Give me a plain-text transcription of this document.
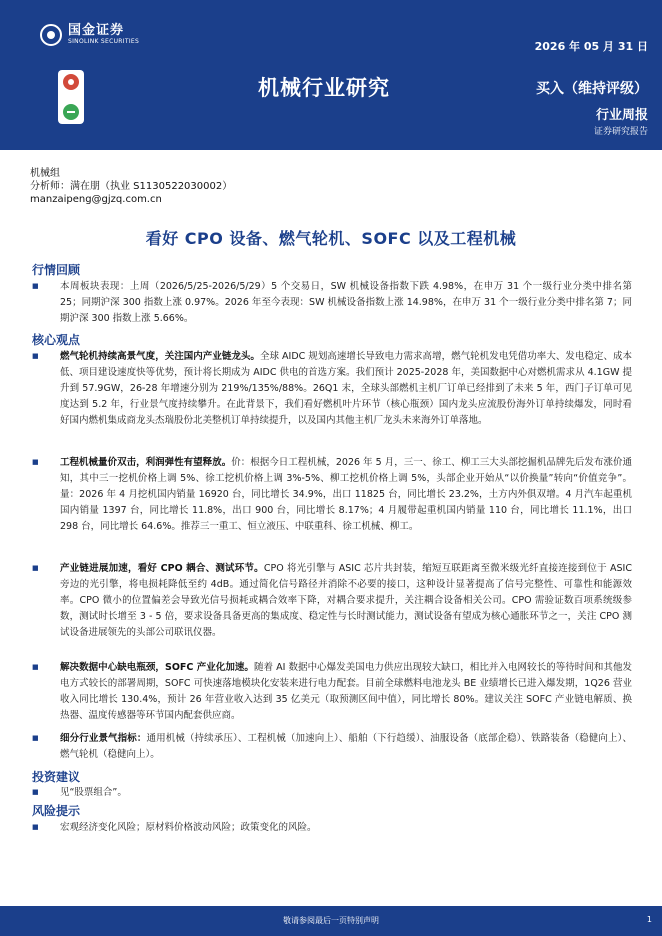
国金证券
SINOLINK SECURITIES	2026 年 05 月 31 日
机械行业研究	买入（维持评级）
行业周报
证券研究报告
机械组
分析师：满在朋（执业 S1130522030002）
manzaipeng@gjzq.com.cn
看好 CPO 设备、燃气轮机、SOFC 以及工程机械
行情回顾
■	本周板块表现：上周（2026/5/25-2026/5/29）5 个交易日，SW 机械设备指数下跌 4.98%，在申万 31 个一级行业分类中排名第 25；同期沪深 300 指数上涨 0.97%。2026 年至今表现：SW 机械设备指数上涨 14.98%，在申万 31 个一级行业分类中排名第 7；同期沪深 300 指数上涨 5.66%。
核心观点
■	燃气轮机持续高景气度，关注国内产业链龙头。全球 AIDC 规划高速增长导致电力需求高增，燃气轮机发电凭借功率大、发电稳定、成本低、项目建设速度快等优势，预计将长期成为 AIDC 供电的首选方案。我们预计 2025-2028 年，美国数据中心对燃机需求从 4.1GW 提升到 57.9GW，26-28 年增速分别为 219%/135%/88%。26Q1 末，全球头部燃机主机厂订单已经排到了未来 5 年，西门子订单可见度达到 5.2 年，行业景气度持续攀升。在此背景下，我们看好燃机叶片环节（核心瓶颈）国内龙头应流股份海外订单持续爆发，同时看好国内燃机集成商龙头杰瑞股份北美整机订单持续提升，以及国内其他主机厂龙头未来海外订单落地。
■	工程机械量价双击，利润弹性有望释放。价：根据今日工程机械，2026 年 5 月，三一、徐工、柳工三大头部挖掘机品牌先后发布涨价通知，其中三一挖机价格上调 5%、徐工挖机价格上调 3%-5%、柳工挖机价格上调 5%，头部企业开始从“以价换量”转向“价值竞争”。量：2026 年 4 月挖机国内销量 16920 台，同比增长 34.9%，出口 11825 台，同比增长 23.2%，土方内外俱双增。4 月汽车起重机国内销量 1397 台，同比增长 11.8%，出口 900 台，同比增长 8.17%；4 月履带起重机国内销量 110 台，同比增长 11.1%，出口 298 台，同比增长 64.6%。推荐三一重工、恒立液压、中联重科、徐工机械、柳工。
■	产业链进展加速，看好 CPO 耦合、测试环节。CPO 将光引擎与 ASIC 芯片共封装，缩短互联距离至微米级光纤直接连接到位于 ASIC 旁边的光引擎，将电损耗降低至约 4dB。通过简化信号路径并消除不必要的接口，这种设计显著提高了信号完整性、可靠性和能源效率。CPO 微小的位置偏差会导致光信号损耗或耦合效率下降，对耦合要求提升，关注耦合设备相关公司。CPO 需验证数百项系统级参数，测试时长增至 3 - 5 倍，要求设备具备更高的集成度、稳定性与长时测试能力，测试设备有望成为核心通胀环节之一，关注 CPO 测试设备进展领先的头部公司联讯仪器。
■	解决数据中心缺电瓶颈，SOFC 产业化加速。随着 AI 数据中心爆发美国电力供应出现较大缺口，相比并入电网较长的等待时间和其他发电方式较长的部署周期，SOFC 可快速落地模块化安装来进行电力配套。目前全球燃料电池龙头 BE 业绩增长已进入爆发期，1Q26 营业收入同比增长 130.4%，预计 26 年营业收入达到 35 亿美元（取预测区间中值），同比增长 80%。建议关注 SOFC 产业链电解质、换热器、温度传感器等环节国内配套供应商。
■	细分行业景气指标：通用机械（持续承压）、工程机械（加速向上）、船舶（下行趋缓）、油服设备（底部企稳）、铁路装备（稳健向上）、燃气轮机（稳健向上）。
投资建议
■	见“股票组合”。
风险提示
■	宏观经济变化风险；原材料价格波动风险；政策变化的风险。
敬请参阅最后一页特别声明	1
